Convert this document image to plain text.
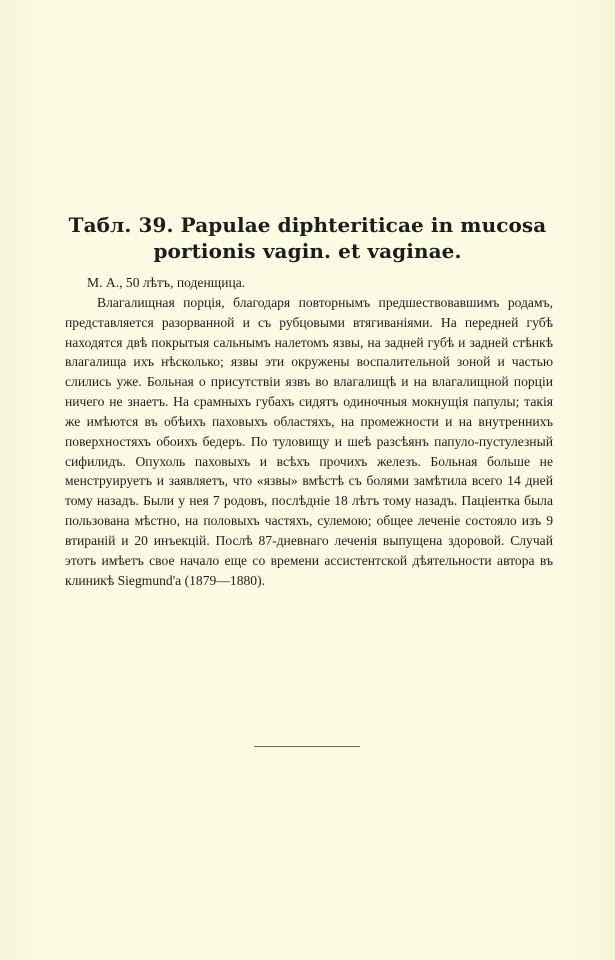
Табл. 39. Papulae diphteriticae in mucosa portionis vagin. et vaginae.

М. А., 50 лѣтъ, поденщица.

Влагалищная порція, благодаря повторнымъ предшествовавшимъ родамъ, представляется разорванной и съ рубцовыми втягиваніями. На передней губѣ находятся двѣ покрытыя сальнымъ налетомъ язвы, на задней губѣ и задней стѣнкѣ влагалища ихъ нѣсколько; язвы эти окружены воспалительной зоной и частью слились уже. Больная о присутствіи язвъ во влагалищѣ и на влагалищной порціи ничего не знаетъ. На срамныхъ губахъ сидятъ одиночныя мокнущія папулы; такія же имѣются въ обѣихъ паховыхъ областяхъ, на промежности и на внутреннихъ поверхностяхъ обоихъ бедеръ. По туловищу и шеѣ разсѣянъ папуло-пустулезный сифилидъ. Опухоль паховыхъ и всѣхъ прочихъ железъ. Больная больше не менструируетъ и заявляетъ, что «язвы» вмѣстѣ съ болями замѣтила всего 14 дней тому назадъ. Были у нея 7 родовъ, послѣдніе 18 лѣтъ тому назадъ. Паціентка была пользована мѣстно, на половыхъ частяхъ, сулемою; общее леченіе состояло изъ 9 втираній и 20 инъекцій. Послѣ 87-дневнаго леченія выпущена здоровой. Случай этотъ имѣетъ свое начало еще со времени ассистентской дѣятельности автора въ клиникѣ Siegmund'a (1879—1880).
